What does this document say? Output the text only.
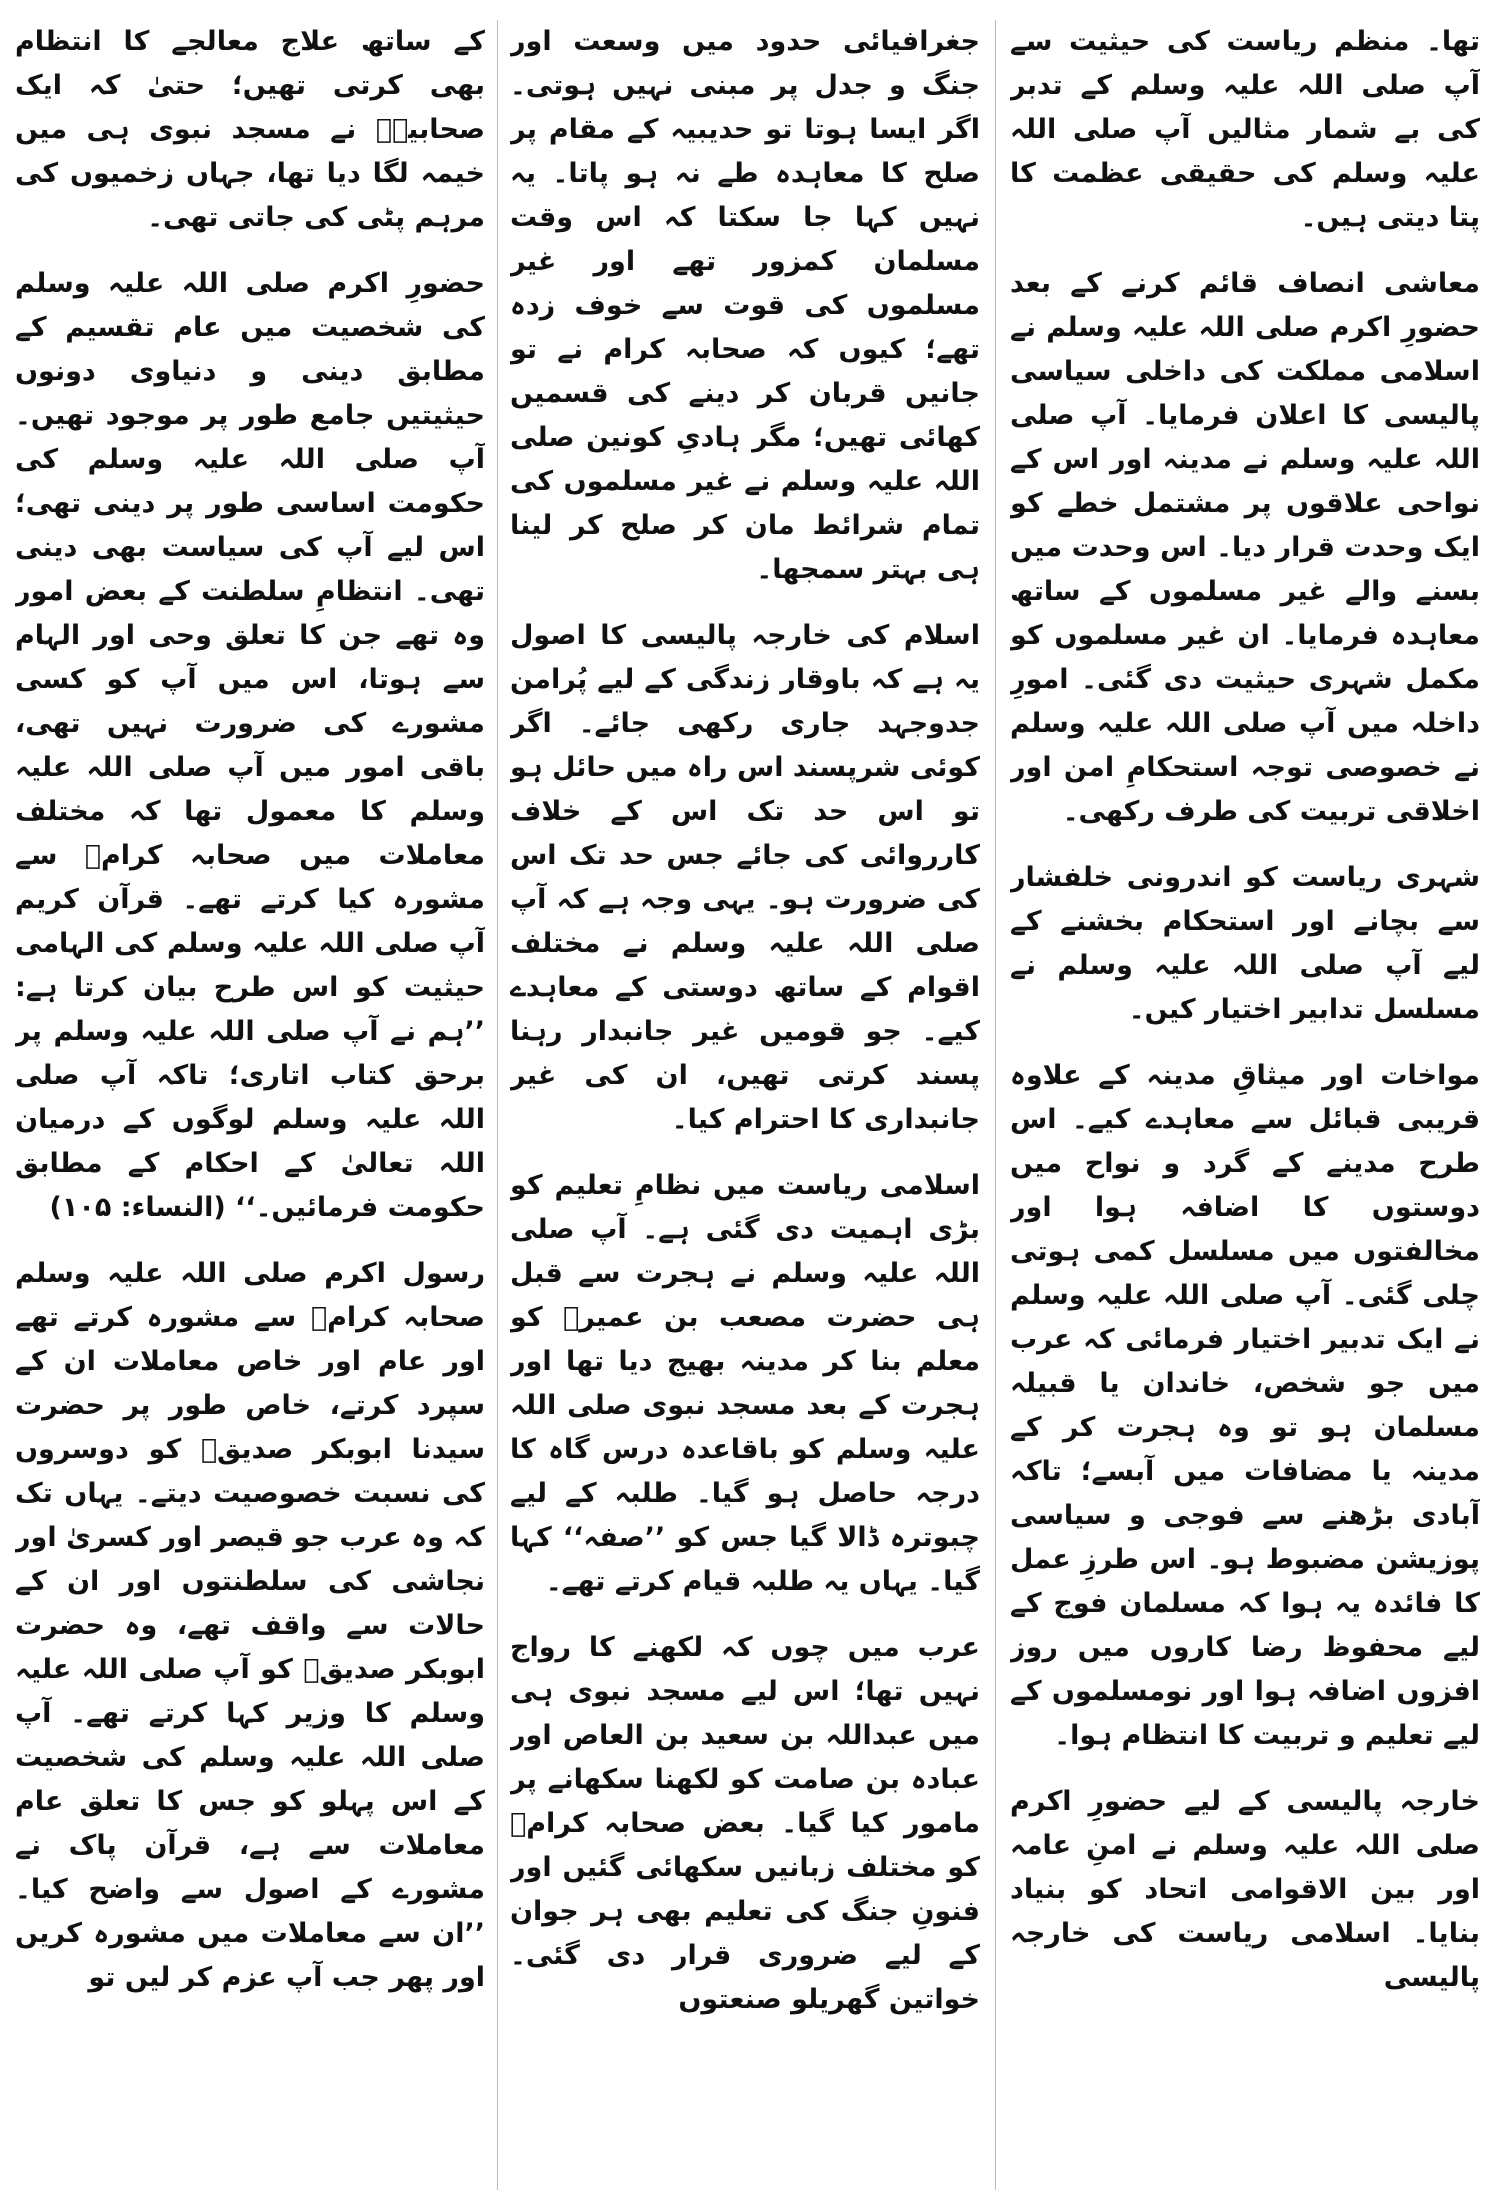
تھا۔ منظم ریاست کی حیثیت سے آپ صلی اللہ علیہ وسلم کے تدبر کی بے شمار مثالیں آپ صلی اللہ علیہ وسلم کی حقیقی عظمت کا پتا دیتی ہیں۔

معاشی انصاف قائم کرنے کے بعد حضورِ اکرم صلی اللہ علیہ وسلم نے اسلامی مملکت کی داخلی سیاسی پالیسی کا اعلان فرمایا۔ آپ صلی اللہ علیہ وسلم نے مدینہ اور اس کے نواحی علاقوں پر مشتمل خطے کو ایک وحدت قرار دیا۔ اس وحدت میں بسنے والے غیر مسلموں کے ساتھ معاہدہ فرمایا۔ ان غیر مسلموں کو مکمل شہری حیثیت دی گئی۔ امورِ داخلہ میں آپ صلی اللہ علیہ وسلم نے خصوصی توجہ استحکامِ امن اور اخلاقی تربیت کی طرف رکھی۔

شہری ریاست کو اندرونی خلفشار سے بچانے اور استحکام بخشنے کے لیے آپ صلی اللہ علیہ وسلم نے مسلسل تدابیر اختیار کیں۔

مواخات اور میثاقِ مدینہ کے علاوہ قریبی قبائل سے معاہدے کیے۔ اس طرح مدینے کے گرد و نواح میں دوستوں کا اضافہ ہوا اور مخالفتوں میں مسلسل کمی ہوتی چلی گئی۔ آپ صلی اللہ علیہ وسلم نے ایک تدبیر اختیار فرمائی کہ عرب میں جو شخص، خاندان یا قبیلہ مسلمان ہو تو وہ ہجرت کر کے مدینہ یا مضافات میں آبسے؛ تاکہ آبادی بڑھنے سے فوجی و سیاسی پوزیشن مضبوط ہو۔ اس طرزِ عمل کا فائدہ یہ ہوا کہ مسلمان فوج کے لیے محفوظ رضا کاروں میں روز افزوں اضافہ ہوا اور نومسلموں کے لیے تعلیم و تربیت کا انتظام ہوا۔

خارجہ پالیسی کے لیے حضورِ اکرم صلی اللہ علیہ وسلم نے امنِ عامہ اور بین الاقوامی اتحاد کو بنیاد بنایا۔ اسلامی ریاست کی خارجہ پالیسی

جغرافیائی حدود میں وسعت اور جنگ و جدل پر مبنی نہیں ہوتی۔ اگر ایسا ہوتا تو حدیبیہ کے مقام پر صلح کا معاہدہ طے نہ ہو پاتا۔ یہ نہیں کہا جا سکتا کہ اس وقت مسلمان کمزور تھے اور غیر مسلموں کی قوت سے خوف زدہ تھے؛ کیوں کہ صحابہ کرام نے تو جانیں قربان کر دینے کی قسمیں کھائی تھیں؛ مگر ہادیِ کونین صلی اللہ علیہ وسلم نے غیر مسلموں کی تمام شرائط مان کر صلح کر لینا ہی بہتر سمجھا۔

اسلام کی خارجہ پالیسی کا اصول یہ ہے کہ باوقار زندگی کے لیے پُرامن جدوجہد جاری رکھی جائے۔ اگر کوئی شرپسند اس راہ میں حائل ہو تو اس حد تک اس کے خلاف کارروائی کی جائے جس حد تک اس کی ضرورت ہو۔ یہی وجہ ہے کہ آپ صلی اللہ علیہ وسلم نے مختلف اقوام کے ساتھ دوستی کے معاہدے کیے۔ جو قومیں غیر جانبدار رہنا پسند کرتی تھیں، ان کی غیر جانبداری کا احترام کیا۔

اسلامی ریاست میں نظامِ تعلیم کو بڑی اہمیت دی گئی ہے۔ آپ صلی اللہ علیہ وسلم نے ہجرت سے قبل ہی حضرت مصعب بن عمیرؓ کو معلم بنا کر مدینہ بھیج دیا تھا اور ہجرت کے بعد مسجد نبوی صلی اللہ علیہ وسلم کو باقاعدہ درس گاہ کا درجہ حاصل ہو گیا۔ طلبہ کے لیے چبوترہ ڈالا گیا جس کو ’’صفہ‘‘ کہا گیا۔ یہاں یہ طلبہ قیام کرتے تھے۔

عرب میں چوں کہ لکھنے کا رواج نہیں تھا؛ اس لیے مسجد نبوی ہی میں عبداللہ بن سعید بن العاص اور عبادہ بن صامت کو لکھنا سکھانے پر مامور کیا گیا۔ بعض صحابہ کرامؓ کو مختلف زبانیں سکھائی گئیں اور فنونِ جنگ کی تعلیم بھی ہر جوان کے لیے ضروری قرار دی گئی۔ خواتین گھریلو صنعتوں

کے ساتھ علاج معالجے کا انتظام بھی کرتی تھیں؛ حتیٰ کہ ایک صحابیہؓ نے مسجد نبوی ہی میں خیمہ لگا دیا تھا، جہاں زخمیوں کی مرہم پٹی کی جاتی تھی۔

حضورِ اکرم صلی اللہ علیہ وسلم کی شخصیت میں عام تقسیم کے مطابق دینی و دنیاوی دونوں حیثیتیں جامع طور پر موجود تھیں۔ آپ صلی اللہ علیہ وسلم کی حکومت اساسی طور پر دینی تھی؛ اس لیے آپ کی سیاست بھی دینی تھی۔ انتظامِ سلطنت کے بعض امور وہ تھے جن کا تعلق وحی اور الہام سے ہوتا، اس میں آپ کو کسی مشورے کی ضرورت نہیں تھی، باقی امور میں آپ صلی اللہ علیہ وسلم کا معمول تھا کہ مختلف معاملات میں صحابہ کرامؓ سے مشورہ کیا کرتے تھے۔ قرآن کریم آپ صلی اللہ علیہ وسلم کی الہامی حیثیت کو اس طرح بیان کرتا ہے: ’’ہم نے آپ صلی اللہ علیہ وسلم پر برحق کتاب اتاری؛ تاکہ آپ صلی اللہ علیہ وسلم لوگوں کے درمیان اللہ تعالیٰ کے احکام کے مطابق حکومت فرمائیں۔‘‘ (النساء: ۱۰۵)

رسول اکرم صلی اللہ علیہ وسلم صحابہ کرامؓ سے مشورہ کرتے تھے اور عام اور خاص معاملات ان کے سپرد کرتے، خاص طور پر حضرت سیدنا ابوبکر صدیقؓ کو دوسروں کی نسبت خصوصیت دیتے۔ یہاں تک کہ وہ عرب جو قیصر اور کسریٰ اور نجاشی کی سلطنتوں اور ان کے حالات سے واقف تھے، وہ حضرت ابوبکر صدیقؓ کو آپ صلی اللہ علیہ وسلم کا وزیر کہا کرتے تھے۔ آپ صلی اللہ علیہ وسلم کی شخصیت کے اس پہلو کو جس کا تعلق عام معاملات سے ہے، قرآن پاک نے مشورے کے اصول سے واضح کیا۔ ’’ان سے معاملات میں مشورہ کریں اور پھر جب آپ عزم کر لیں تو
